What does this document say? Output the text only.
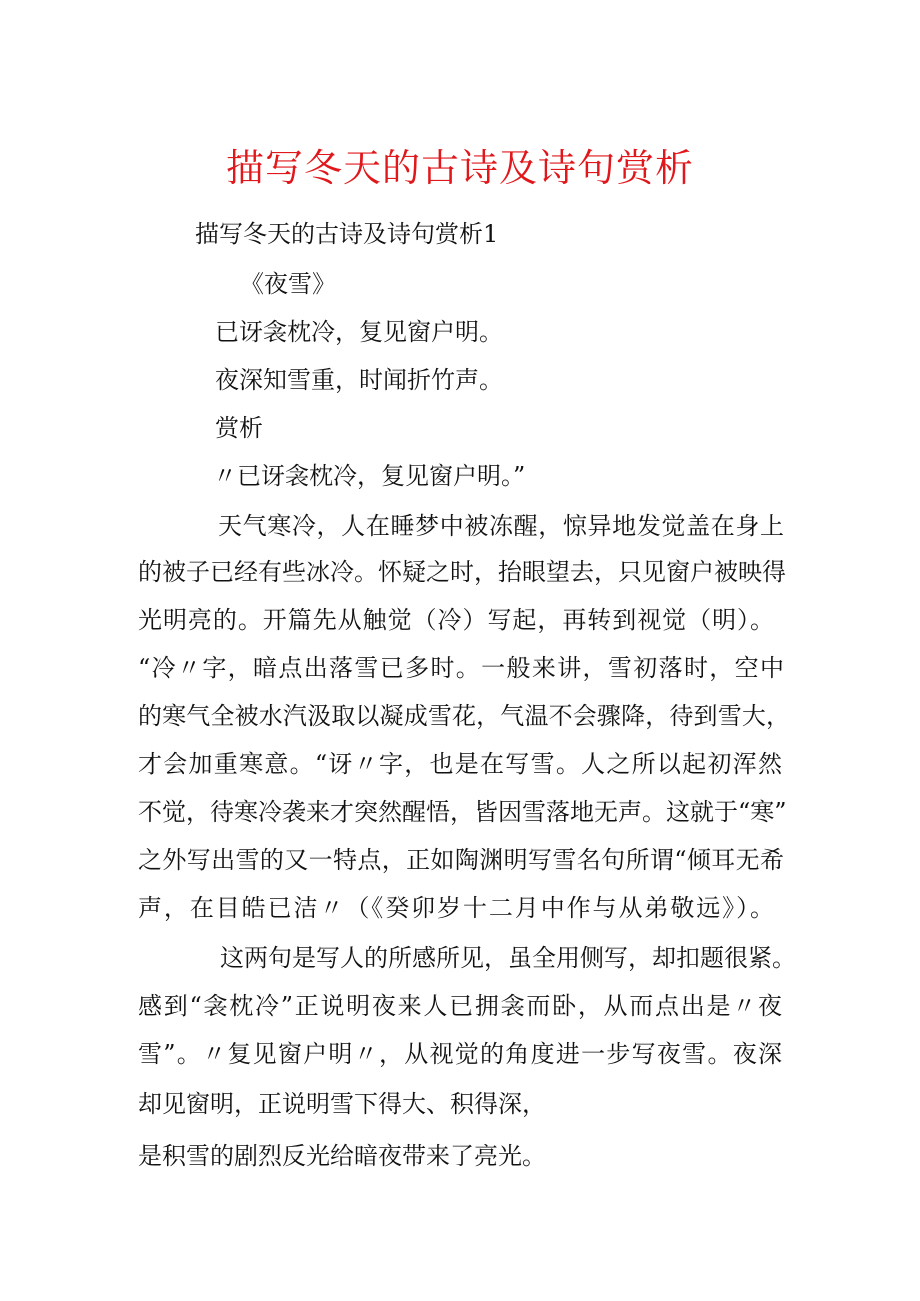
描写冬天的古诗及诗句赏析

描写冬天的古诗及诗句赏析1

《夜雪》

已讶衾枕冷，复见窗户明。

夜深知雪重，时闻折竹声。

赏析

〃已讶衾枕冷，复见窗户明。”

天气寒冷，人在睡梦中被冻醒，惊异地发觉盖在身上

的被子已经有些冰冷。怀疑之时，抬眼望去，只见窗户被映得

光明亮的。开篇先从触觉（冷）写起，再转到视觉（明）。

“冷〃字，暗点出落雪已多时。一般来讲，雪初落时，空中

的寒气全被水汽汲取以凝成雪花，气温不会骤降，待到雪大，

才会加重寒意。“讶〃字，也是在写雪。人之所以起初浑然

不觉，待寒冷袭来才突然醒悟，皆因雪落地无声。这就于“寒”

之外写出雪的又一特点，正如陶渊明写雪名句所谓“倾耳无希

声，在目皓已洁〃（《癸卯岁十二月中作与从弟敬远》）。

这两句是写人的所感所见，虽全用侧写，却扣题很紧。

感到“衾枕冷”正说明夜来人已拥衾而卧，从而点出是〃夜

雪”。〃复见窗户明〃，从视觉的角度进一步写夜雪。夜深

却见窗明，正说明雪下得大、积得深，

是积雪的剧烈反光给暗夜带来了亮光。
